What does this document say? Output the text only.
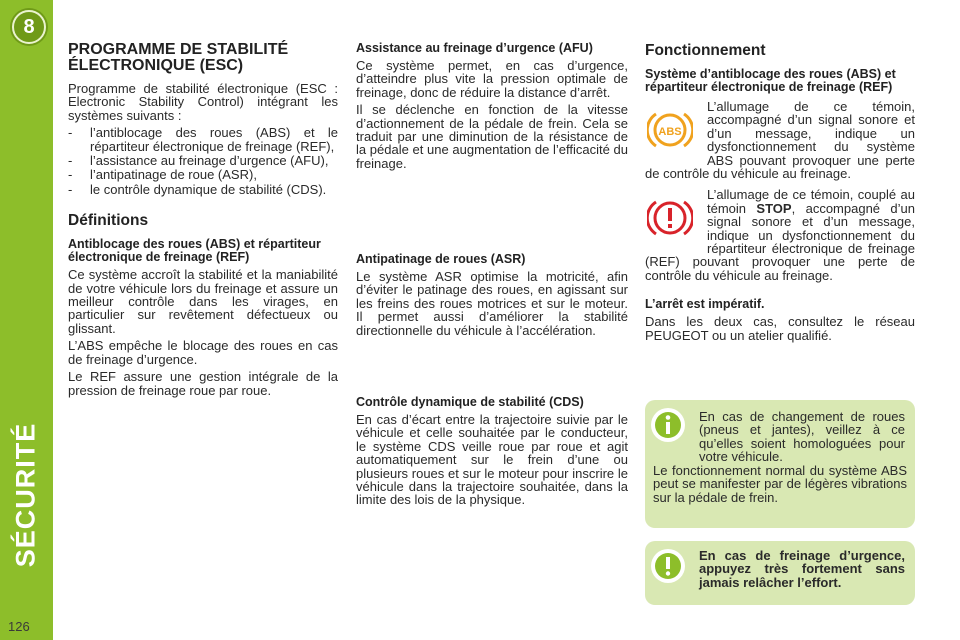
8
SÉCURITÉ
126
PROGRAMME DE STABILITÉ ÉLECTRONIQUE (ESC)

Programme de stabilité électronique (ESC : Electronic Stability Control) intégrant les systèmes suivants :

- l’antiblocage des roues (ABS) et le répartiteur électronique de freinage (REF),
- l’assistance au freinage d’urgence (AFU),
- l’antipatinage de roue (ASR),
- le contrôle dynamique de stabilité (CDS).
Définitions
Antiblocage des roues (ABS) et répartiteur électronique de freinage (REF)

Ce système accroît la stabilité et la maniabilité de votre véhicule lors du freinage et assure un meilleur contrôle dans les virages, en particulier sur revêtement défectueux ou glissant.

L’ABS empêche le blocage des roues en cas de freinage d’urgence.

Le REF assure une gestion intégrale de la pression de freinage roue par roue.

Assistance au freinage d’urgence (AFU)

Ce système permet, en cas d’urgence, d’atteindre plus vite la pression optimale de freinage, donc de réduire la distance d’arrêt.

Il se déclenche en fonction de la vitesse d’actionnement de la pédale de frein. Cela se traduit par une diminution de la résistance de la pédale et une augmentation de l’efficacité du freinage.

Antipatinage de roues (ASR)

Le système ASR optimise la motricité, afin d’éviter le patinage des roues, en agissant sur les freins des roues motrices et sur le moteur. Il permet aussi d’améliorer la stabilité directionnelle du véhicule à l’accélération.

Contrôle dynamique de stabilité (CDS)

En cas d’écart entre la trajectoire suivie par le véhicule et celle souhaitée par le conducteur, le système CDS veille roue par roue et agit automatiquement sur le frein d’une ou plusieurs roues et sur le moteur pour inscrire le véhicule dans la trajectoire souhaitée, dans la limite des lois de la physique.

Fonctionnement
Système d’antiblocage des roues (ABS) et répartiteur électronique de freinage (REF)
ABS

L’allumage de ce témoin, accompagné d’un signal sonore et d’un message, indique un dysfonctionnement du système ABS pouvant provoquer une perte de contrôle du véhicule au freinage.

L’allumage de ce témoin, couplé au témoin STOP, accompagné d’un signal sonore et d’un message, indique un dysfonctionnement du répartiteur électronique de freinage (REF) pouvant provoquer une perte de contrôle du véhicule au freinage.

L’arrêt est impératif.

Dans les deux cas, consultez le réseau PEUGEOT ou un atelier qualifié.

En cas de changement de roues (pneus et jantes), veillez à ce qu’elles soient homologuées pour votre véhicule.
Le fonctionnement normal du système ABS peut se manifester par de légères vibrations sur la pédale de frein.
En cas de freinage d’urgence, appuyez très fortement sans jamais relâcher l’effort.
